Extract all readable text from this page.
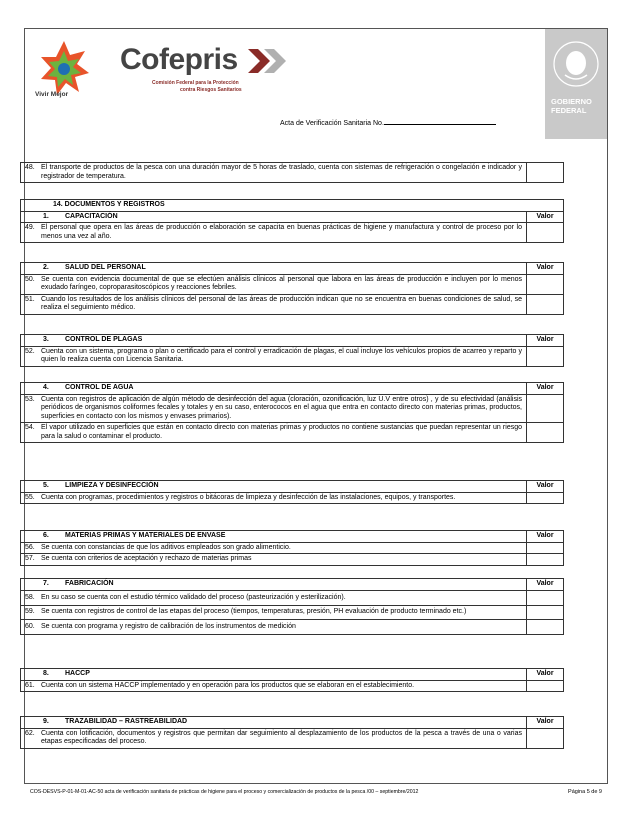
Vivir Mejor
Cofepris
Comisión Federal para la Protección
contra Riesgos Sanitarios
GOBIERNO
FEDERAL
Acta de Verificación Sanitaria No.
48. El transporte de productos de la pesca con una duración mayor de 5 horas de traslado, cuenta con sistemas de refrigeración o congelación e indicador y registrador de temperatura.
14. DOCUMENTOS Y REGISTROS
1. CAPACITACIÓN	Valor
49. El personal que opera en las áreas de producción o elaboración se capacita en buenas prácticas de higiene y manufactura y control de proceso por lo menos una vez al año.
2. SALUD DEL PERSONAL	Valor
50. Se cuenta con evidencia documental de que se efectúen análisis clínicos al personal que labora en las áreas de producción e incluyen por lo menos exudado faríngeo, coproparasitoscópicos y reacciones febriles.
51. Cuando los resultados de los análisis clínicos del personal de las áreas de producción indican que no se encuentra en buenas condiciones de salud, se realiza el seguimiento médico.
3. CONTROL DE PLAGAS	Valor
52. Cuenta con un sistema, programa o plan o certificado para el control y erradicación de plagas, el cual incluye los vehículos propios de acarreo y reparto y quien lo realiza cuenta con Licencia Sanitaria.
4. CONTROL DE AGUA	Valor
53. Cuenta con registros de aplicación de algún método de desinfección del agua (cloración, ozonificación, luz U.V entre otros) , y de su efectividad (análisis periódicos de organismos coliformes fecales y totales y en su caso, enterococos en el agua que entra en contacto directo con materias primas, productos, superficies en contacto con los mismos y envases primarios).
54. El vapor utilizado en superficies que están en contacto directo con materias primas y productos no contiene sustancias que puedan representar un riesgo para la salud o contaminar el producto.
5. LIMPIEZA Y DESINFECCIÓN	Valor
55. Cuenta con programas, procedimientos y registros o bitácoras de limpieza y desinfección de las instalaciones, equipos, y transportes.
6. MATERIAS PRIMAS Y MATERIALES DE ENVASE	Valor
56. Se cuenta con constancias de que los aditivos empleados son grado alimenticio.
57. Se cuenta con criterios de aceptación y rechazo de materias primas
7. FABRICACIÓN	Valor
58. En su caso se cuenta con el estudio térmico validado del proceso (pasteurización y esterilización).
59. Se cuenta con registros de control de las etapas del proceso (tiempos, temperaturas, presión, PH evaluación de producto terminado etc.)
60. Se cuenta con programa y registro de calibración de los instrumentos de medición
8. HACCP	Valor
61. Cuenta con un sistema HACCP implementado y en operación para los productos que se elaboran en el establecimiento.
9. TRAZABILIDAD – RASTREABILIDAD	Valor
62. Cuenta con lotificación, documentos y registros que permitan dar seguimiento al desplazamiento de los productos de la pesca a través de una o varias etapas especificadas del proceso.
COS-DESVS-P-01-M-01-AC-50 acta de verificación sanitaria de prácticas de higiene para el proceso y comercialización de productos de la pesca /00 – septiembre/2012	Página 5 de 9
